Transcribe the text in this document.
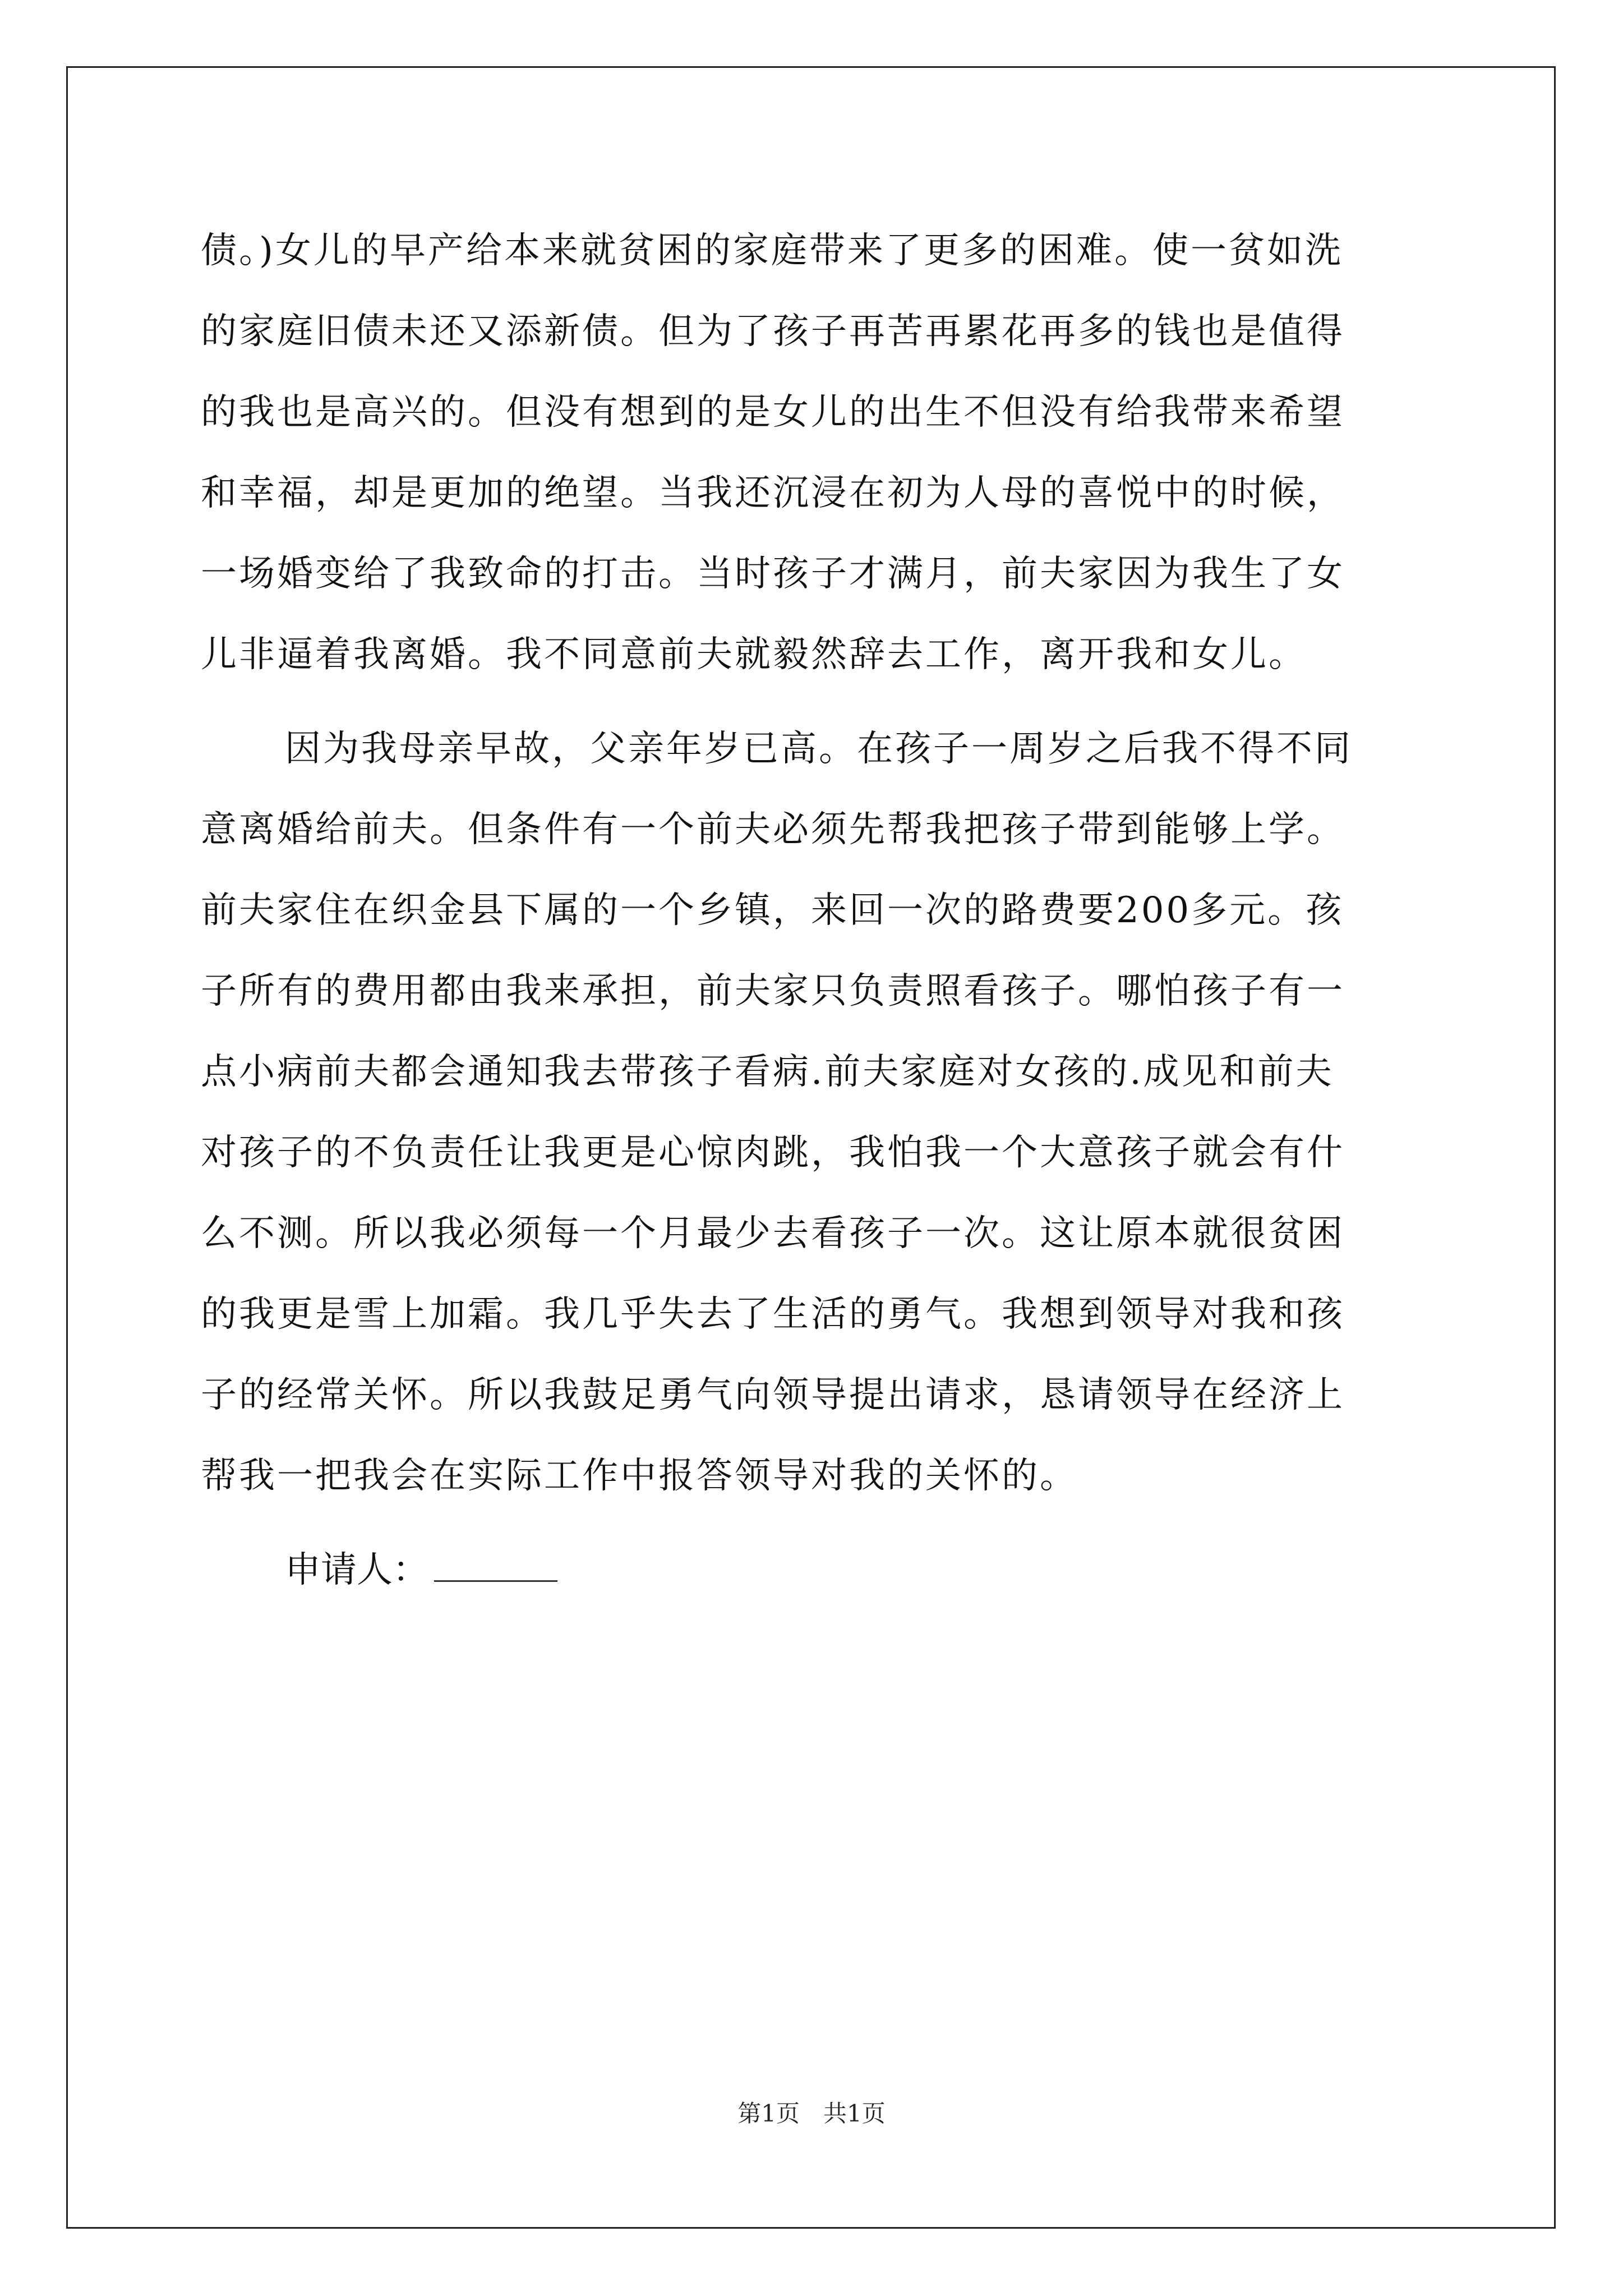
债。)女儿的早产给本来就贫困的家庭带来了更多的困难。使一贫如洗
的家庭旧债未还又添新债。但为了孩子再苦再累花再多的钱也是值得
的我也是高兴的。但没有想到的是女儿的出生不但没有给我带来希望
和幸福，却是更加的绝望。当我还沉浸在初为人母的喜悦中的时候，
一场婚变给了我致命的打击。当时孩子才满月，前夫家因为我生了女
儿非逼着我离婚。我不同意前夫就毅然辞去工作，离开我和女儿。
因为我母亲早故，父亲年岁已高。在孩子一周岁之后我不得不同
意离婚给前夫。但条件有一个前夫必须先帮我把孩子带到能够上学。
前夫家住在织金县下属的一个乡镇，来回一次的路费要200多元。孩
子所有的费用都由我来承担，前夫家只负责照看孩子。哪怕孩子有一
点小病前夫都会通知我去带孩子看病.前夫家庭对女孩的.成见和前夫
对孩子的不负责任让我更是心惊肉跳，我怕我一个大意孩子就会有什
么不测。所以我必须每一个月最少去看孩子一次。这让原本就很贫困
的我更是雪上加霜。我几乎失去了生活的勇气。我想到领导对我和孩
子的经常关怀。所以我鼓足勇气向领导提出请求，恳请领导在经济上
帮我一把我会在实际工作中报答领导对我的关怀的。
申请人：
第1页　共1页
